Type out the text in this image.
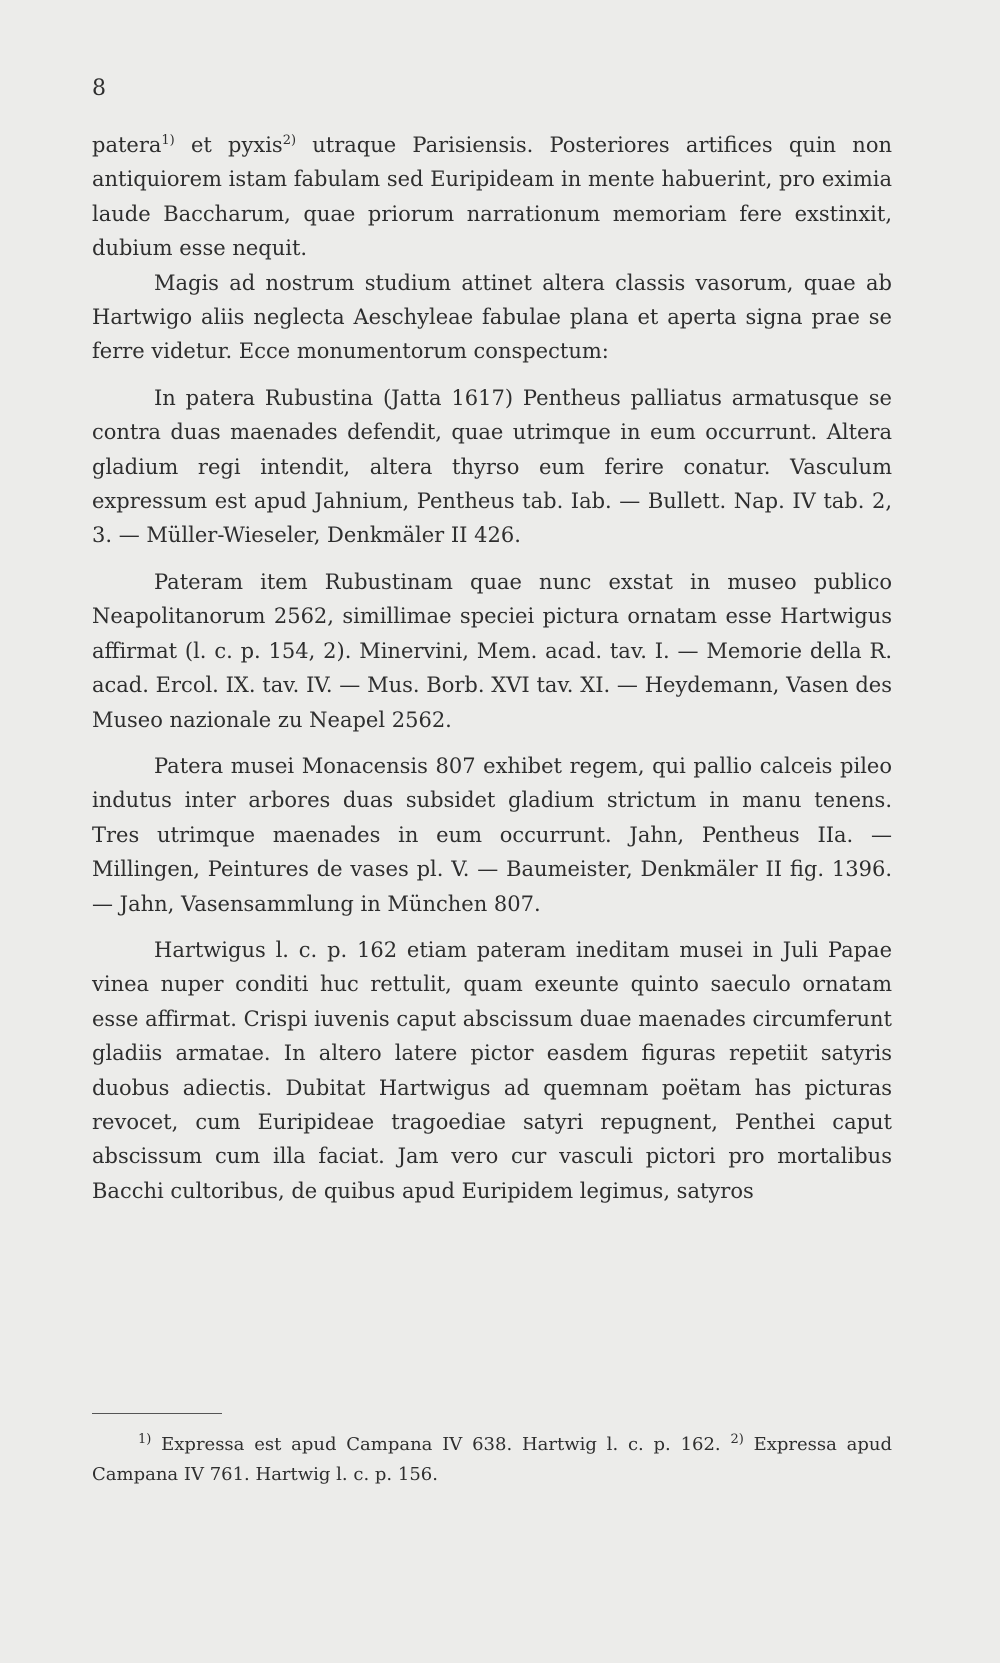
8

patera$^{1)}$ et pyxis$^{2)}$ utraque Parisiensis. Posteriores artifices quin non antiquiorem istam fabulam sed Euripideam in mente habuerint, pro eximia laude Baccharum, quae priorum narrationum memoriam fere exstinxit, dubium esse nequit.

Magis ad nostrum studium attinet altera classis vasorum, quae ab Hartwigo aliis neglecta Aeschyleae fabulae plana et aperta signa prae se ferre videtur. Ecce monumentorum conspectum:

In patera Rubustina (Jatta 1617) Pentheus palliatus armatusque se contra duas maenades defendit, quae utrimque in eum occurrunt. Altera gladium regi intendit, altera thyrso eum ferire conatur. Vasculum expressum est apud Jahnium, Pentheus tab. Iab. — Bullett. Nap. IV tab. 2, 3. — Müller-Wieseler, Denkmäler II 426.

Pateram item Rubustinam quae nunc exstat in museo publico Neapolitanorum 2562, simillimae speciei pictura ornatam esse Hartwigus affirmat (l. c. p. 154, 2). Minervini, Mem. acad. tav. I. — Memorie della R. acad. Ercol. IX. tav. IV. — Mus. Borb. XVI tav. XI. — Heydemann, Vasen des Museo nazionale zu Neapel 2562.

Patera musei Monacensis 807 exhibet regem, qui pallio calceis pileo indutus inter arbores duas subsidet gladium strictum in manu tenens. Tres utrimque maenades in eum occurrunt. Jahn, Pentheus IIa. — Millingen, Peintures de vases pl. V. — Baumeister, Denkmäler II fig. 1396. — Jahn, Vasensammlung in München 807.

Hartwigus l. c. p. 162 etiam pateram ineditam musei in Juli Papae vinea nuper conditi huc rettulit, quam exeunte quinto saeculo ornatam esse affirmat. Crispi iuvenis caput abscissum duae maenades circumferunt gladiis armatae. In altero latere pictor easdem figuras repetiit satyris duobus adiectis. Dubitat Hartwigus ad quemnam poëtam has picturas revocet, cum Euripideae tragoediae satyri repugnent, Penthei caput abscissum cum illa faciat. Jam vero cur vasculi pictori pro mortalibus Bacchi cultoribus, de quibus apud Euripidem legimus, satyros

$^{1)}$ Expressa est apud Campana IV 638. Hartwig l. c. p. 162. $^{2)}$ Expressa apud Campana IV 761. Hartwig l. c. p. 156.
